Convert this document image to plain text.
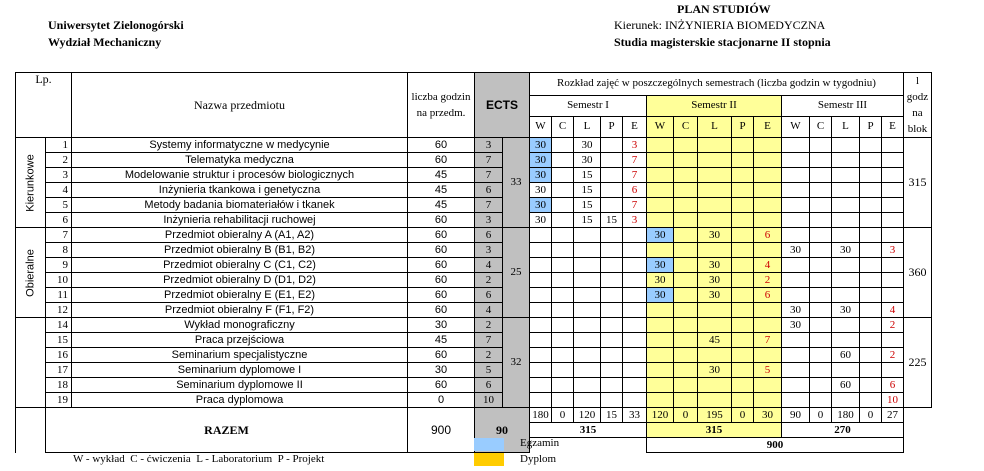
Uniwersytet Zielonogórski
Wydział Mechaniczny
PLAN STUDIÓW
Kierunek: INŻYNIERIA BIOMEDYCZNA
Studia magisterskie stacjonarne II stopnia
Lp.		Nazwa przedmiotu	liczba godzin na przedm.	ECTS		Rozkład zajęć w poszczególnych semestrach (liczba godzin w tygodniu)															l godz na blok

						Semestr I					Semestr II					Semestr III					
						W	C	L	P	E	W	C	L	P	E	W	C	L	P	E	

Kierunkowe	1	Systemy informatyczne w medycynie	60	3	33	30		30		3											315
	2	Telematyka medyczna	60	7		30		30		7											
	3	Modelowanie struktur i procesów biologicznych	45	7		30		15		7											
	4	Inżynieria tkankowa i genetyczna	45	6		30		15		6											
	5	Metody badania biomateriałów i tkanek	45	7		30		15		7											
	6	Inżynieria rehabilitacji ruchowej	60	3		30		15	15	3											

Obieralne	7	Przedmiot obieralny A (A1, A2)	60	6	25						30		30		6						360
	8	Przedmiot obieralny B (B1, B2)	60	3												30		30		3	
	9	Przedmiot obieralny C (C1, C2)	60	4							30		30		4						
	10	Przedmiot obieralny D (D1, D2)	60	2							30		30		2						
	11	Przedmiot obieralny E (E1, E2)	60	6							30		30		6						
	12	Przedmiot obieralny F (F1, F2)	60	4												30		30		4	
	14	Wykład monograficzny	30	2	32											30				2	225
	15	Praca przejściowa	45	7									45		7						
	16	Seminarium specjalistyczne	60	2														60		2	
	17	Seminarium dyplomowe I	30	5									30		5						
	18	Seminarium dyplomowe II	60	6														60		6	
	19	Praca dyplomowa	0	10																10	
	RAZEM		900	90		180	0	120	15	33	120	0	195	0	30	90	0	180	0	27	
						315					315					270					
											900										
Egzamin
Dyplom
W - wykład  C - ćwiczenia  L - Laboratorium  P - Projekt
